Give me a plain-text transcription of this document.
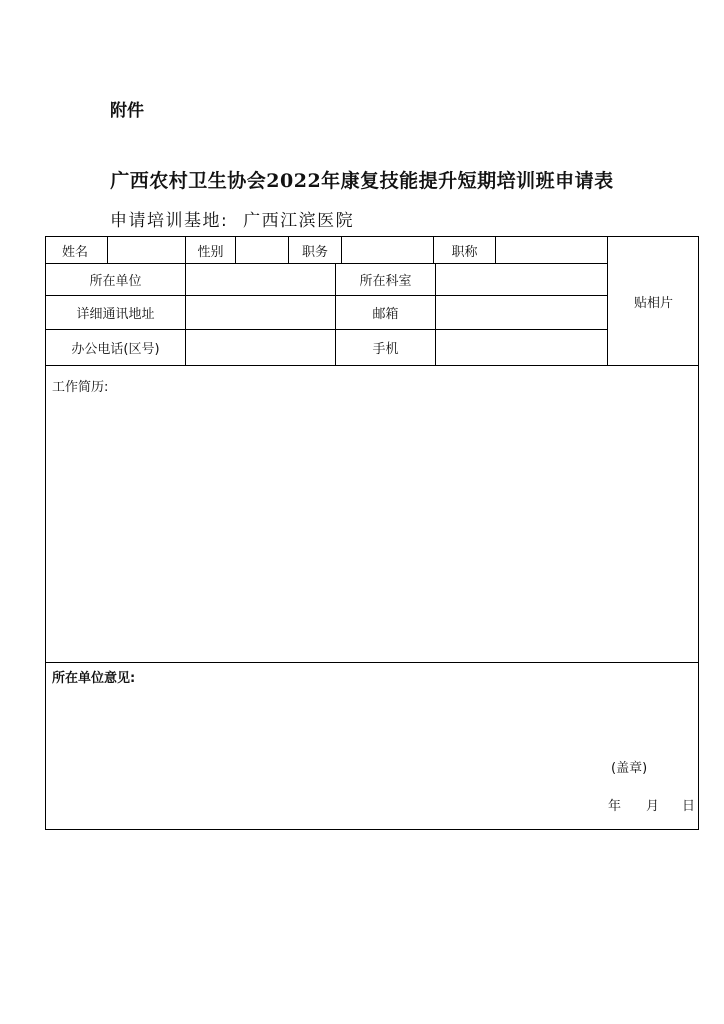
附件
广西农村卫生协会2022年康复技能提升短期培训班申请表
申请培训基地: 广西江滨医院
姓名	性别	职务	职称
所在单位	所在科室
详细通讯地址	邮箱
办公电话(区号)	手机
贴相片
工作简历:
所在单位意见:
(盖章)
年 月 日
